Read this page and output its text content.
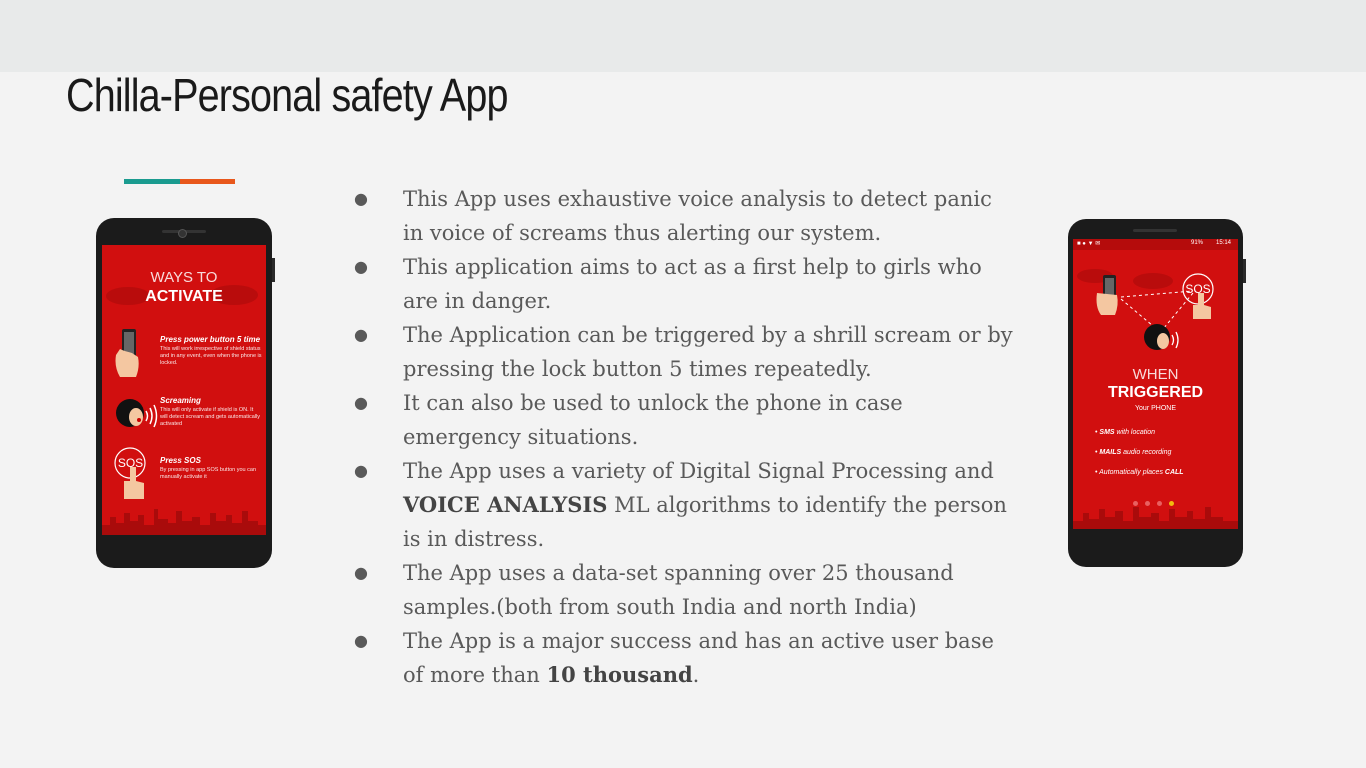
Chilla-Personal safety App
WAYS TO
ACTIVATE
Press power button 5 time
This will work irrespective of shield status and in any event, even when the phone is locked.
Screaming
This will only activate if shield is ON. It will detect scream and gets automatically activated
SOS	Press SOS
By pressing in app SOS button you can manually activate it
● This App uses exhaustive voice analysis to detect panic in voice of screams thus alerting our system.
● This application aims to act as a first help to girls who are in danger.
● The Application can be triggered by a shrill scream or by pressing the lock button 5 times repeatedly.
● It can also be used to unlock the phone in case emergency situations.
● The App uses a variety of Digital Signal Processing and VOICE ANALYSIS ML algorithms to identify the person is in distress.
● The App uses a data-set spanning over 25 thousand samples.(both from south India and north India)
● The App is a major success and has an active user base of more than 10 thousand.
■ ● ▼ ✉	91% 15:14
SOS
WHEN
TRIGGERED
Your PHONE
• SMS with location
• MAILS audio recording
• Automatically places CALL
